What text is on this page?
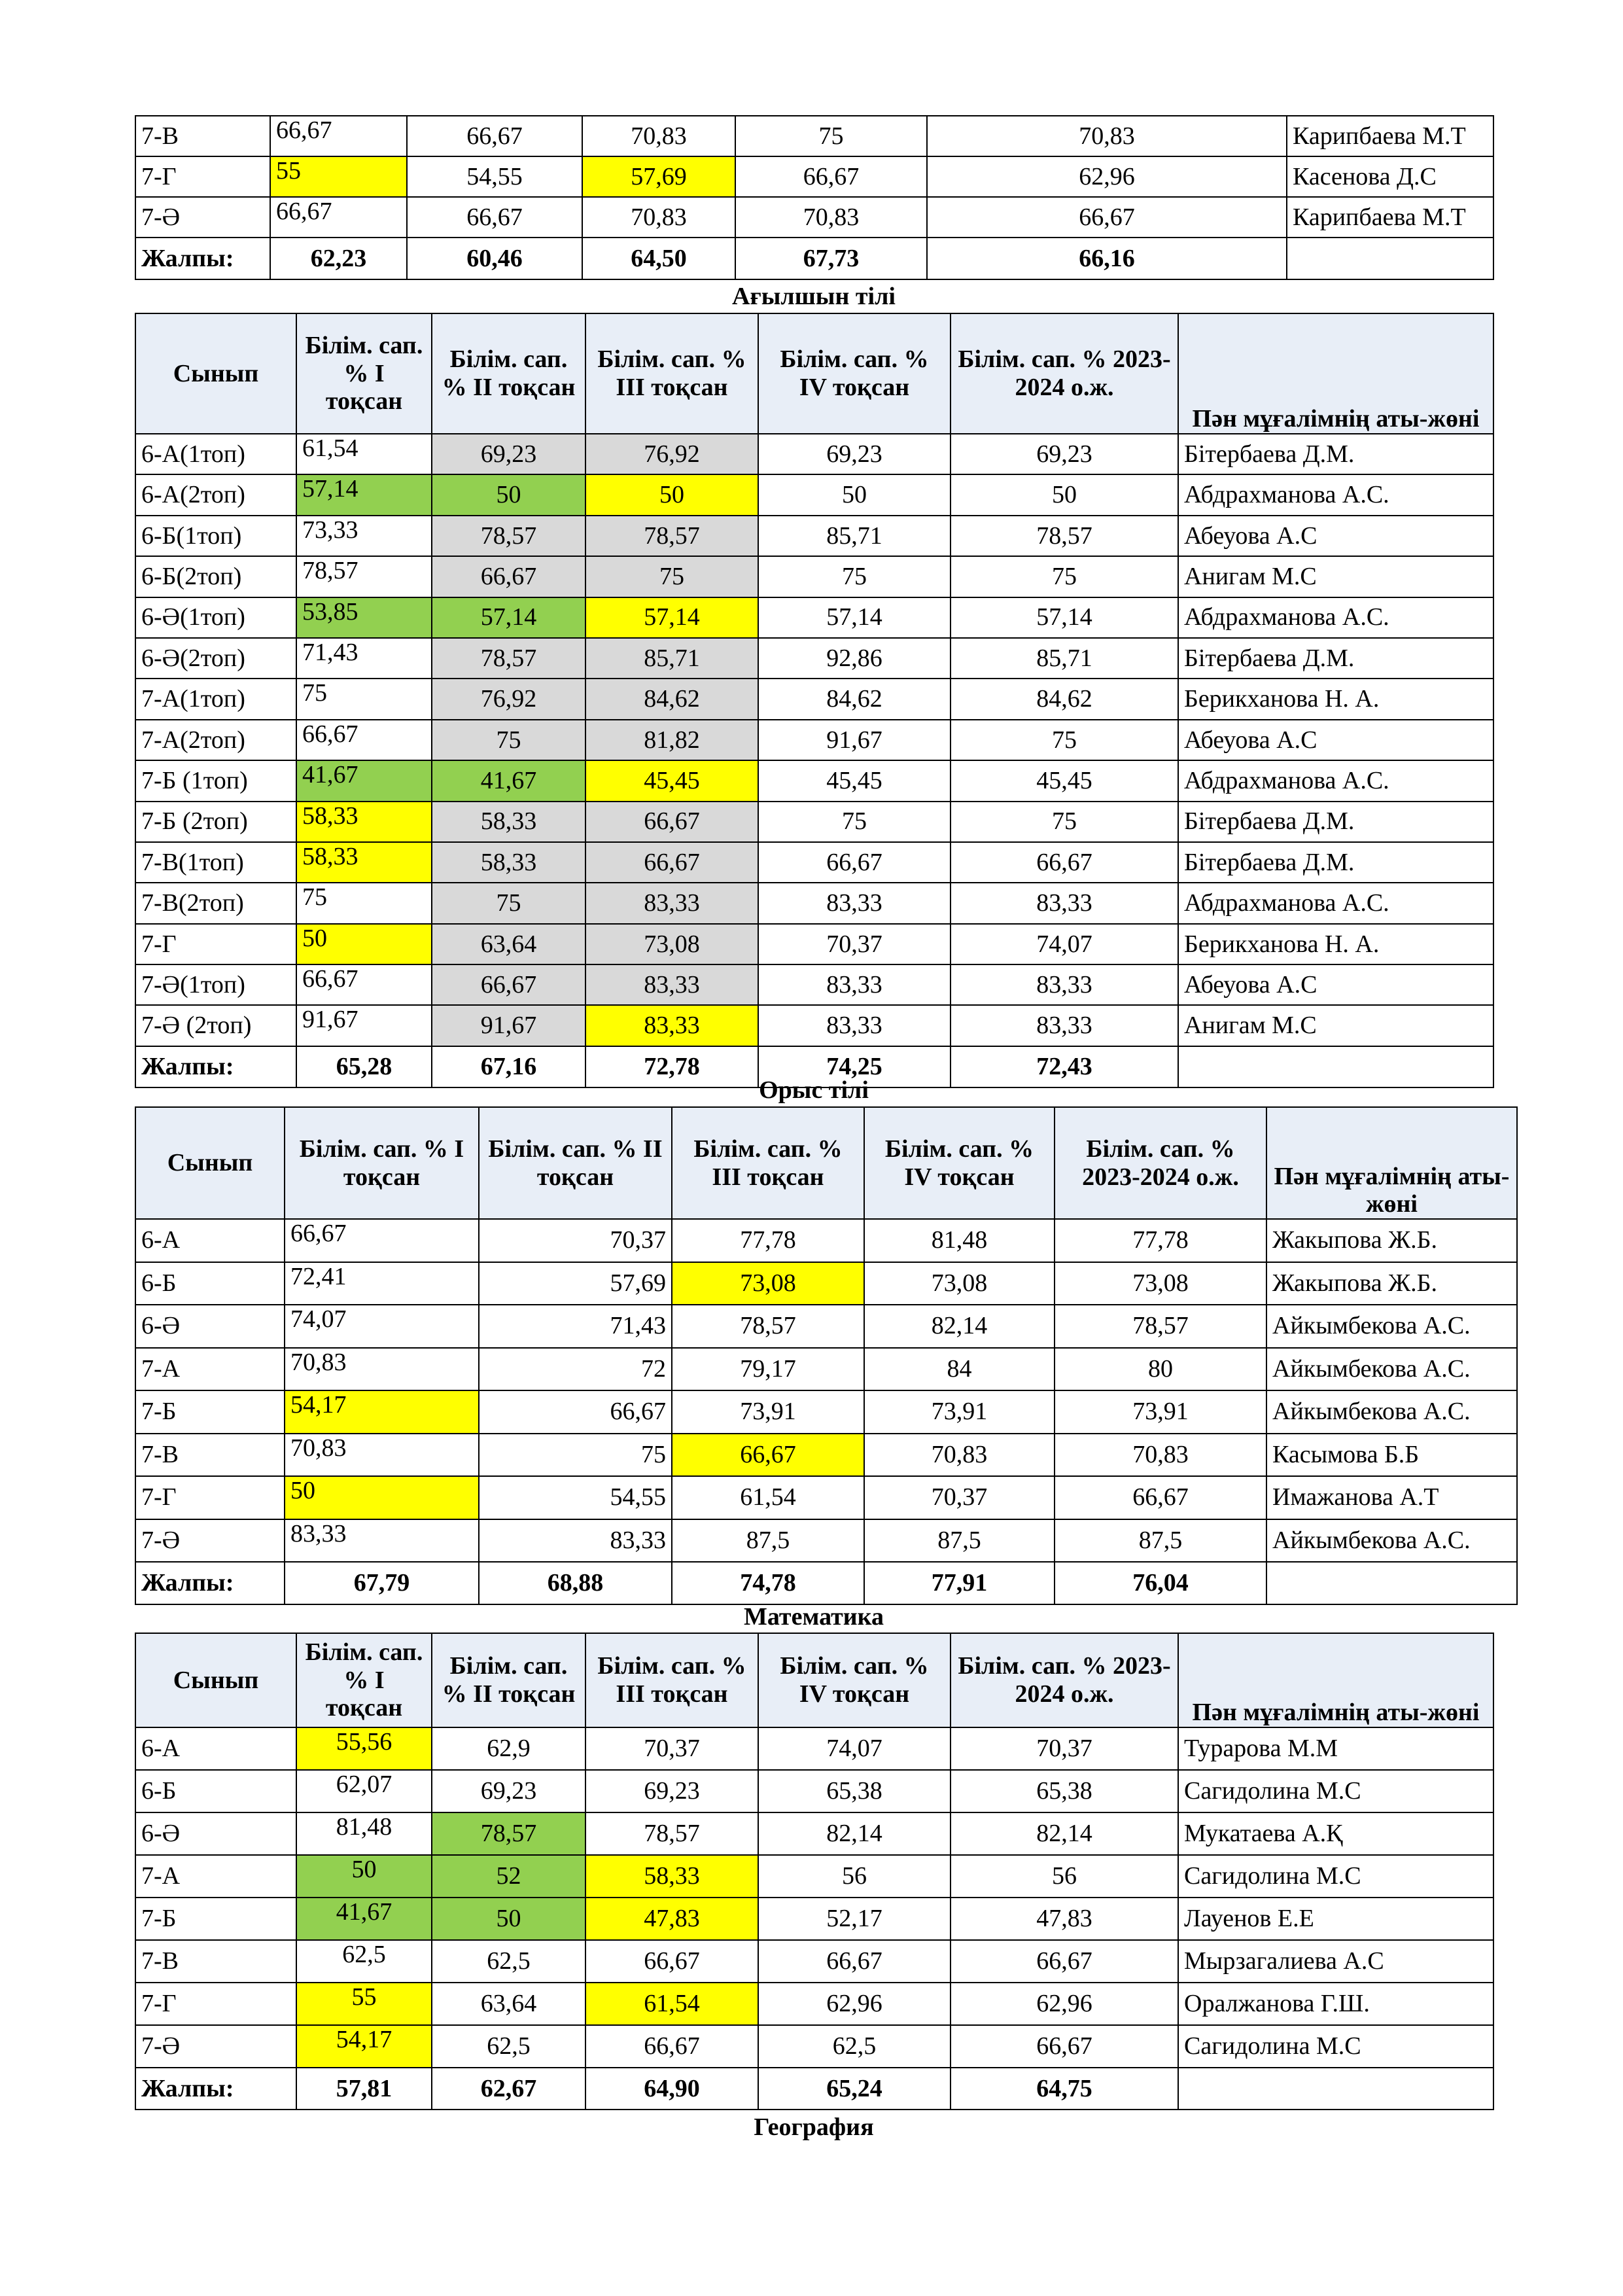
7-В	66,67	66,67	70,83	75	70,83	Карипбаева М.Т
7-Г	55	54,55	57,69	66,67	62,96	Касенова Д.С
7-Ә	66,67	66,67	70,83	70,83	66,67	Карипбаева М.Т
Жалпы:	62,23	60,46	64,50	67,73	66,16	
Ағылшын тілі
Сынып	Білім. сап. % І тоқсан	Білім. сап. % ІІ тоқсан	Білім. сап. % ІІІ тоқсан	Білім. сап. % ІV тоқсан	Білім. сап. % 2023-2024 о.ж.	Пән мұғалімнің аты-жөні
6-А(1топ)	61,54	69,23	76,92	69,23	69,23	Бітербаева Д.М.
6-А(2топ)	57,14	50	50	50	50	Абдрахманова А.С.
6-Б(1топ)	73,33	78,57	78,57	85,71	78,57	Абеуова А.С
6-Б(2топ)	78,57	66,67	75	75	75	Анигам М.С
6-Ә(1топ)	53,85	57,14	57,14	57,14	57,14	Абдрахманова А.С.
6-Ә(2топ)	71,43	78,57	85,71	92,86	85,71	Бітербаева Д.М.
7-А(1топ)	75	76,92	84,62	84,62	84,62	Берикханова Н. А.
7-А(2топ)	66,67	75	81,82	91,67	75	Абеуова А.С
7-Б (1топ)	41,67	41,67	45,45	45,45	45,45	Абдрахманова А.С.
7-Б (2топ)	58,33	58,33	66,67	75	75	Бітербаева Д.М.
7-В(1топ)	58,33	58,33	66,67	66,67	66,67	Бітербаева Д.М.
7-В(2топ)	75	75	83,33	83,33	83,33	Абдрахманова А.С.
7-Г	50	63,64	73,08	70,37	74,07	Берикханова Н. А.
7-Ә(1топ)	66,67	66,67	83,33	83,33	83,33	Абеуова А.С
7-Ә (2топ)	91,67	91,67	83,33	83,33	83,33	Анигам М.С
Жалпы:	65,28	67,16	72,78	74,25	72,43	
Орыс тілі
Сынып	Білім. сап. % І тоқсан	Білім. сап. % ІІ тоқсан	Білім. сап. % ІІІ тоқсан	Білім. сап. % ІV тоқсан	Білім. сап. % 2023-2024 о.ж.	Пән мұғалімнің аты-жөні
6-А	66,67	70,37	77,78	81,48	77,78	Жакыпова Ж.Б.
6-Б	72,41	57,69	73,08	73,08	73,08	Жакыпова Ж.Б.
6-Ә	74,07	71,43	78,57	82,14	78,57	Айкымбекова А.С.
7-А	70,83	72	79,17	84	80	Айкымбекова А.С.
7-Б	54,17	66,67	73,91	73,91	73,91	Айкымбекова А.С.
7-В	70,83	75	66,67	70,83	70,83	Касымова Б.Б
7-Г	50	54,55	61,54	70,37	66,67	Имажанова А.Т
7-Ә	83,33	83,33	87,5	87,5	87,5	Айкымбекова А.С.
Жалпы:	67,79	68,88	74,78	77,91	76,04	
Математика
Сынып	Білім. сап. % І тоқсан	Білім. сап. % ІІ тоқсан	Білім. сап. % ІІІ тоқсан	Білім. сап. % ІV тоқсан	Білім. сап. % 2023-2024 о.ж.	Пән мұғалімнің аты-жөні
6-А	55,56	62,9	70,37	74,07	70,37	Турарова М.М
6-Б	62,07	69,23	69,23	65,38	65,38	Сагидолина М.С
6-Ә	81,48	78,57	78,57	82,14	82,14	Мукатаева А.Қ
7-А	50	52	58,33	56	56	Сагидолина М.С
7-Б	41,67	50	47,83	52,17	47,83	Лауенов Е.Е
7-В	62,5	62,5	66,67	66,67	66,67	Мырзагалиева А.С
7-Г	55	63,64	61,54	62,96	62,96	Оралжанова Г.Ш.
7-Ә	54,17	62,5	66,67	62,5	66,67	Сагидолина М.С
Жалпы:	57,81	62,67	64,90	65,24	64,75	
География
